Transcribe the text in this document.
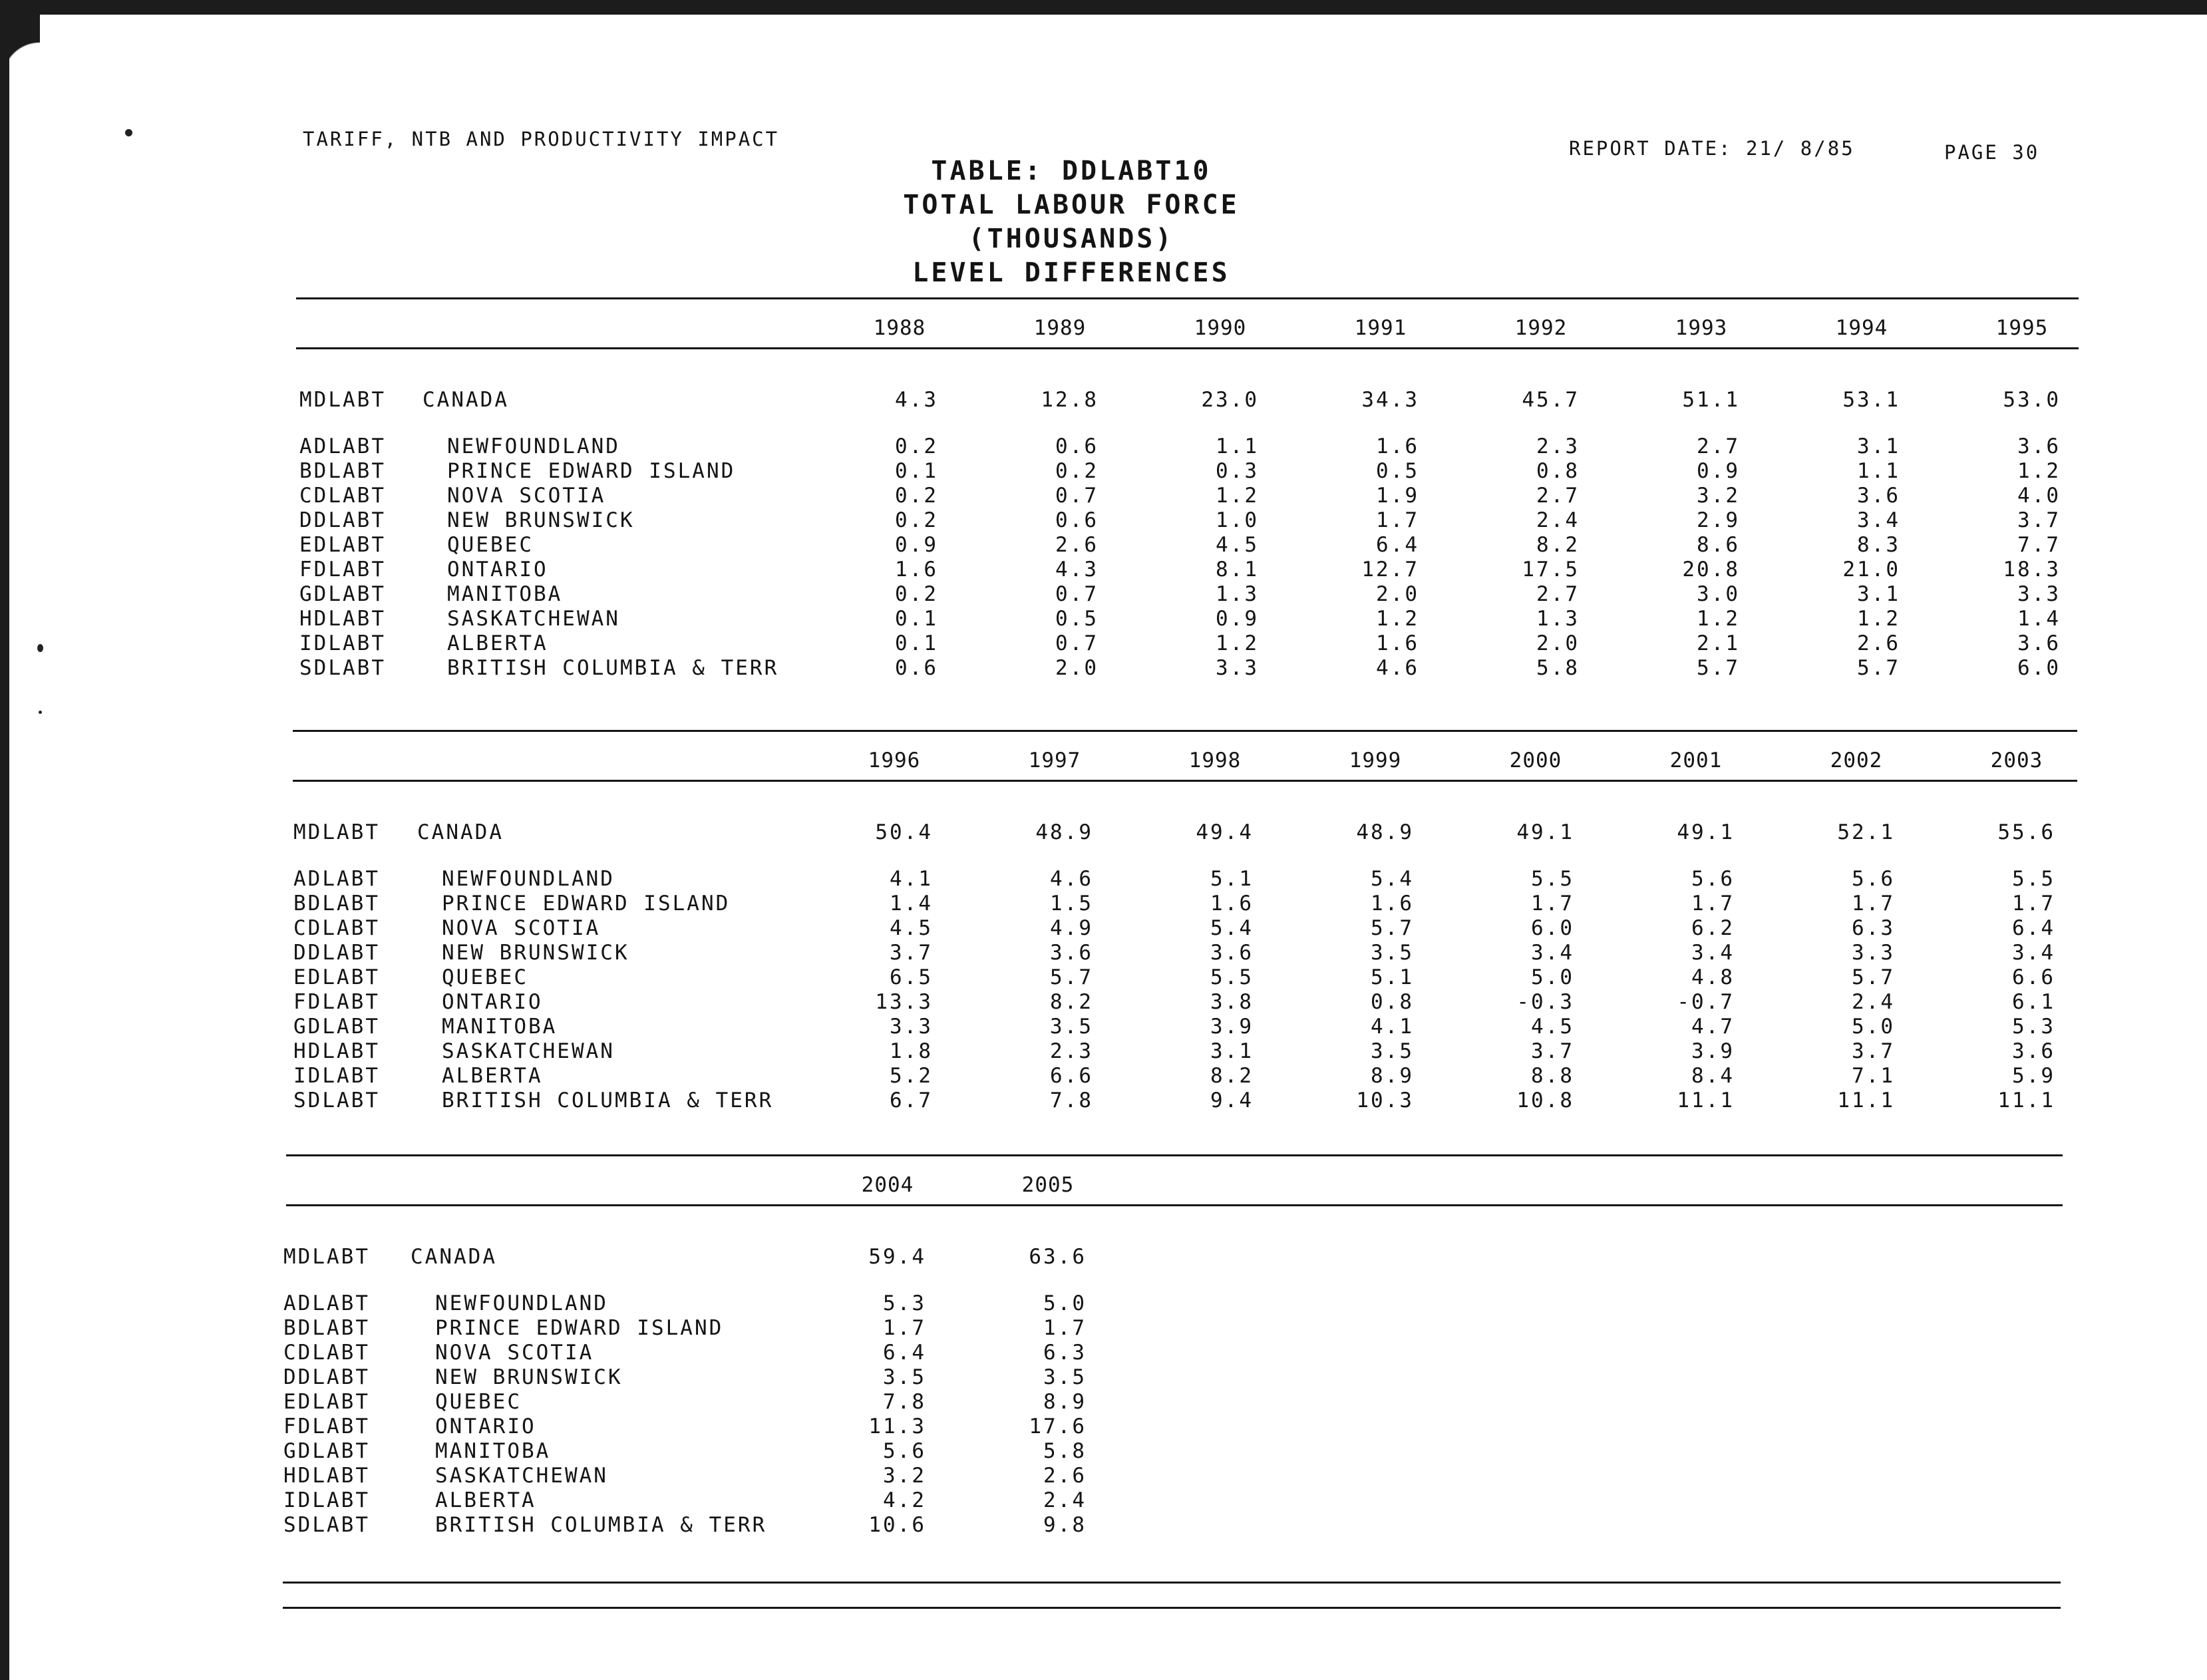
TARIFF, NTB AND PRODUCTIVITY IMPACT	REPORT DATE: 21/ 8/85	PAGE 30
TABLE: DDLABT10
TOTAL LABOUR FORCE
(THOUSANDS)
LEVEL DIFFERENCES
1988	1989	1990	1991	1992	1993	1994	1995
MDLABT CANADA	4.3	12.8	23.0	34.3	45.7	51.1	53.1	53.0
ADLABT	NEWFOUNDLAND	0.2	0.6	1.1	1.6	2.3	2.7	3.1	3.6
BDLABT	PRINCE EDWARD ISLAND	0.1	0.2	0.3	0.5	0.8	0.9	1.1	1.2
CDLABT	NOVA SCOTIA	0.2	0.7	1.2	1.9	2.7	3.2	3.6	4.0
DDLABT	NEW BRUNSWICK	0.2	0.6	1.0	1.7	2.4	2.9	3.4	3.7
EDLABT	QUEBEC	0.9	2.6	4.5	6.4	8.2	8.6	8.3	7.7
FDLABT	ONTARIO	1.6	4.3	8.1	12.7	17.5	20.8	21.0	18.3
GDLABT	MANITOBA	0.2	0.7	1.3	2.0	2.7	3.0	3.1	3.3
HDLABT	SASKATCHEWAN	0.1	0.5	0.9	1.2	1.3	1.2	1.2	1.4
IDLABT	ALBERTA	0.1	0.7	1.2	1.6	2.0	2.1	2.6	3.6
SDLABT	BRITISH COLUMBIA & TERR	0.6	2.0	3.3	4.6	5.8	5.7	5.7	6.0
1996	1997	1998	1999	2000	2001	2002	2003
MDLABT CANADA	50.4	48.9	49.4	48.9	49.1	49.1	52.1	55.6
ADLABT	NEWFOUNDLAND	4.1	4.6	5.1	5.4	5.5	5.6	5.6	5.5
BDLABT	PRINCE EDWARD ISLAND	1.4	1.5	1.6	1.6	1.7	1.7	1.7	1.7
CDLABT	NOVA SCOTIA	4.5	4.9	5.4	5.7	6.0	6.2	6.3	6.4
DDLABT	NEW BRUNSWICK	3.7	3.6	3.6	3.5	3.4	3.4	3.3	3.4
EDLABT	QUEBEC	6.5	5.7	5.5	5.1	5.0	4.8	5.7	6.6
FDLABT	ONTARIO	13.3	8.2	3.8	0.8	-0.3	-0.7	2.4	6.1
GDLABT	MANITOBA	3.3	3.5	3.9	4.1	4.5	4.7	5.0	5.3
HDLABT	SASKATCHEWAN	1.8	2.3	3.1	3.5	3.7	3.9	3.7	3.6
IDLABT	ALBERTA	5.2	6.6	8.2	8.9	8.8	8.4	7.1	5.9
SDLABT	BRITISH COLUMBIA & TERR	6.7	7.8	9.4	10.3	10.8	11.1	11.1	11.1
2004	2005
MDLABT CANADA	59.4	63.6
ADLABT	NEWFOUNDLAND	5.3	5.0
BDLABT	PRINCE EDWARD ISLAND	1.7	1.7
CDLABT	NOVA SCOTIA	6.4	6.3
DDLABT	NEW BRUNSWICK	3.5	3.5
EDLABT	QUEBEC	7.8	8.9
FDLABT	ONTARIO	11.3	17.6
GDLABT	MANITOBA	5.6	5.8
HDLABT	SASKATCHEWAN	3.2	2.6
IDLABT	ALBERTA	4.2	2.4
SDLABT	BRITISH COLUMBIA & TERR	10.6	9.8
